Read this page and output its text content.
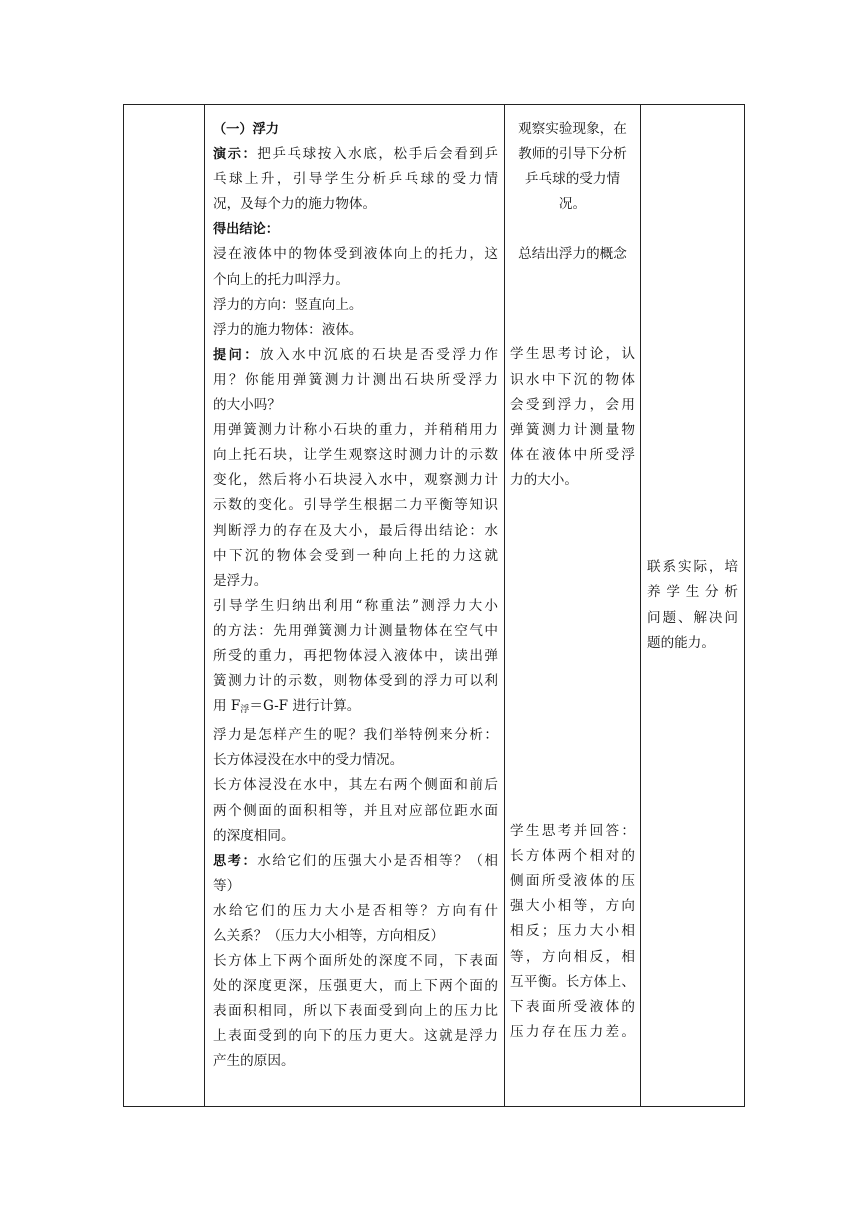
（一）浮力
演示：把乒乓球按入水底，松手后会看到乒
乓球上升，引导学生分析乒乓球的受力情
况，及每个力的施力物体。
得出结论：
浸在液体中的物体受到液体向上的托力，这
个向上的托力叫浮力。
浮力的方向：竖直向上。
浮力的施力物体：液体。
提问：放入水中沉底的石块是否受浮力作
用？你能用弹簧测力计测出石块所受浮力
的大小吗？
用弹簧测力计称小石块的重力，并稍稍用力
向上托石块，让学生观察这时测力计的示数
变化，然后将小石块浸入水中，观察测力计
示数的变化。引导学生根据二力平衡等知识
判断浮力的存在及大小，最后得出结论：水
中下沉的物体会受到一种向上托的力这就
是浮力。
引导学生归纳出利用“称重法”测浮力大小
的方法：先用弹簧测力计测量物体在空气中
所受的重力，再把物体浸入液体中，读出弹
簧测力计的示数，则物体受到的浮力可以利
用 $F_浮=G-F$ 进行计算。
浮力是怎样产生的呢？我们举特例来分析：
长方体浸没在水中的受力情况。
长方体浸没在水中，其左右两个侧面和前后
两个侧面的面积相等，并且对应部位距水面
的深度相同。
思考：水给它们的压强大小是否相等？（相
等）
水给它们的压力大小是否相等？方向有什
么关系？（压力大小相等，方向相反）
长方体上下两个面所处的深度不同，下表面
处的深度更深，压强更大，而上下两个面的
表面积相同，所以下表面受到向上的压力比
上表面受到的向下的压力更大。这就是浮力
产生的原因。

观察实验现象，在
教师的引导下分析
乒乓球的受力情
况。
总结出浮力的概念
学生思考讨论，认
识水中下沉的物体
会受到浮力，会用
弹簧测力计测量物
体在液体中所受浮
力的大小。
学生思考并回答：
长方体两个相对的
侧面所受液体的压
强大小相等，方向
相反；压力大小相
等，方向相反，相
互平衡。长方体上、
下表面所受液体的
压力存在压力差。

联系实际，培
养学生分析
问题、解决问
题的能力。
